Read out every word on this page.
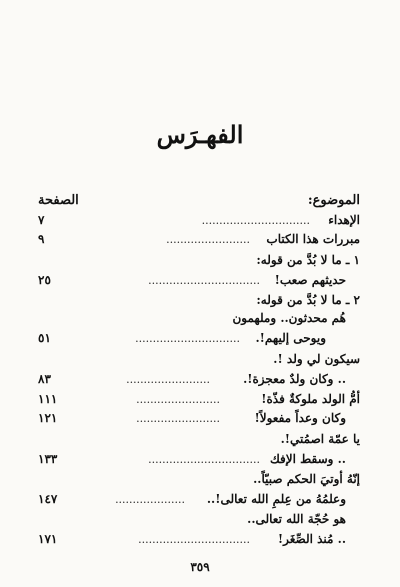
الفهـرَس
الموضوع:
الصفحة
الإهداء
...............................
٧
مبررات هذا الكتاب
........................
٩
١ ـ ما لا بُدَّ من قوله:
حديثهم صعب!
................................
٢٥
٢ ـ ما لا بُدَّ من قوله:
هُم محدثون.. وملهمون
ويوحى إليهم!.
..............................
٥١
سيكون لي ولد !.
.. وكان ولدٌ معجزة!.
........................
٨٣
أمُّ الولد ملوكةٌ فذّة!
........................
١١١
وكان وعداً مفعولاً!
........................
١٢١
يا عمّة اصمُتي!.
.. وسقط الإفك
................................
١٣٣
إنّهُ أوتيَ الحكم صبيّاً..
وعلمُهُ من عِلمِ الله تعالى!..
....................
١٤٧
هو حُجّة الله تعالى..
.. مُنذ الصِّغَر!
................................
١٧١
٣٥٩
